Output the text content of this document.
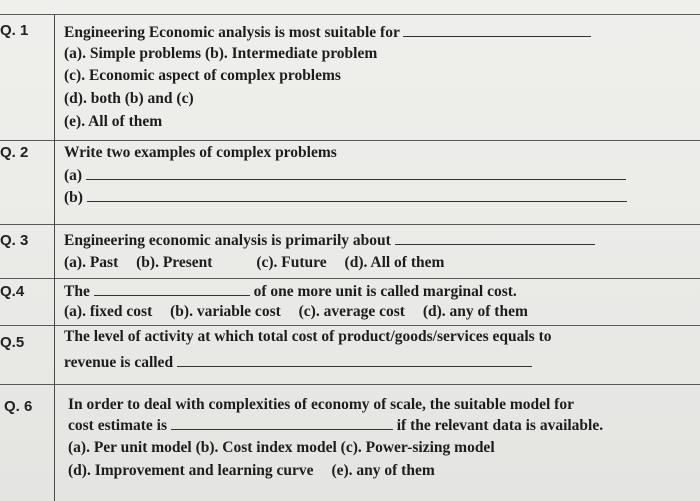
Q. 1	Engineering Economic analysis is most suitable for
(a). Simple problems (b). Intermediate problem
(c). Economic aspect of complex problems
(d). both (b) and (c)
(e). All of them
Q. 2	Write two examples of complex problems
(a)
(b)
Q. 3	Engineering economic analysis is primarily about
(a). Past (b). Present	(c). Future (d). All of them
Q.4	The	of one more unit is called marginal cost.
(a). fixed cost (b). variable cost (c). average cost (d). any of them
Q.5	The level of activity at which total cost of product/goods/services equals to
revenue is called
Q. 6	In order to deal with complexities of economy of scale, the suitable model for
cost estimate is	if the relevant data is available.
(a). Per unit model (b). Cost index model (c). Power-sizing model
(d). Improvement and learning curve (e). any of them
